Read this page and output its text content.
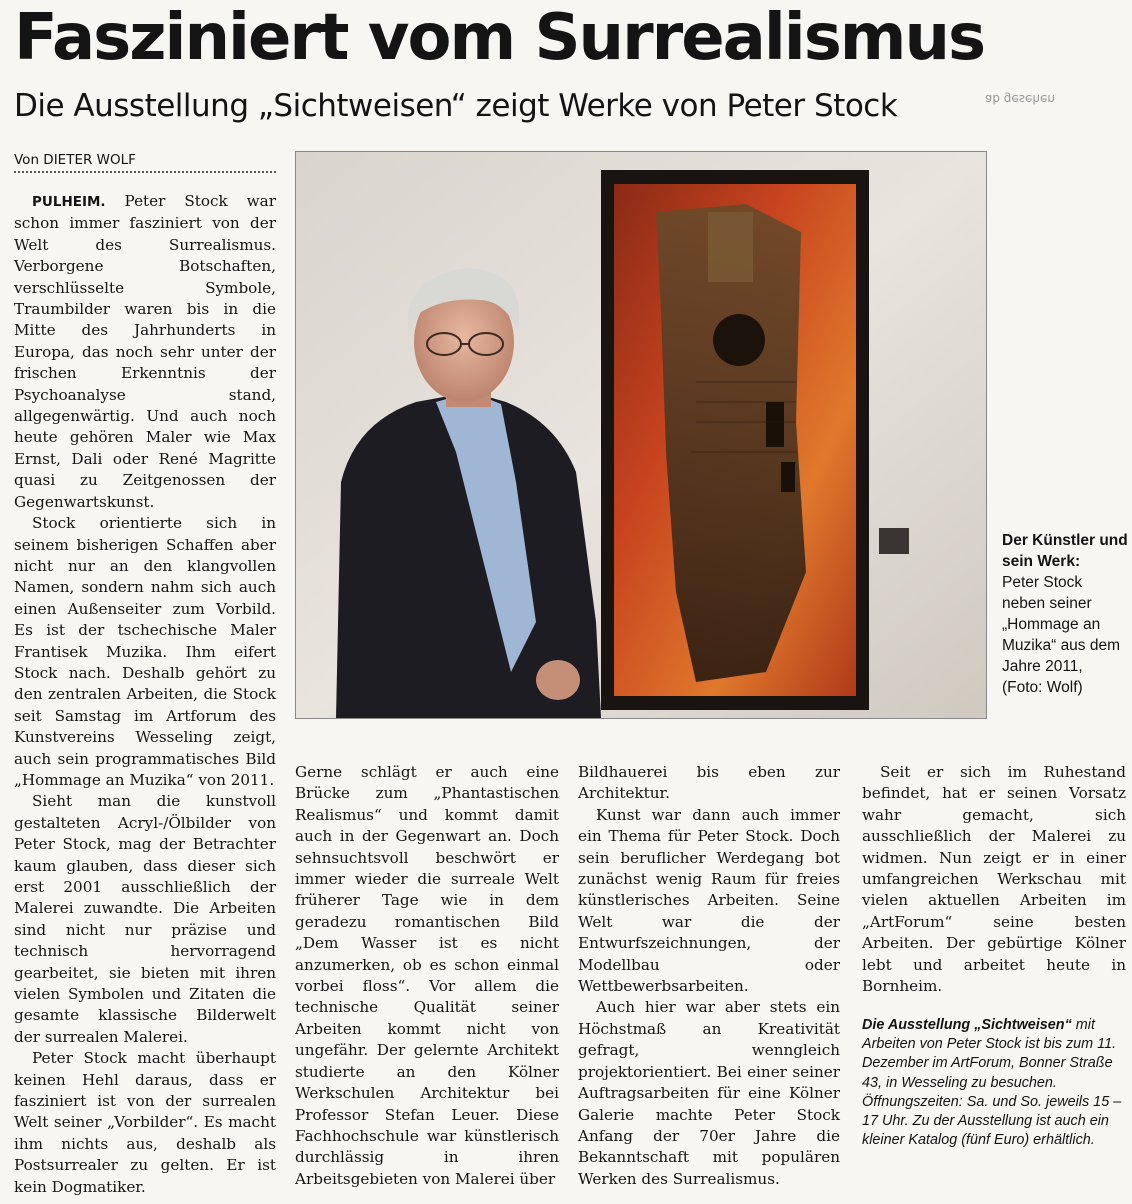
ab gesehen
Fasziniert vom Surrealismus
Die Ausstellung „Sichtweisen“ zeigt Werke von Peter Stock
Von DIETER WOLF

PULHEIM. Peter Stock war schon immer fasziniert von der Welt des Surrealismus. Verborgene Botschaften, verschlüsselte Symbole, Traumbilder waren bis in die Mitte des Jahrhunderts in Europa, das noch sehr unter der frischen Erkenntnis der Psychoanalyse stand, allgegenwärtig. Und auch noch heute gehören Maler wie Max Ernst, Dali oder René Magritte quasi zu Zeitgenossen der Gegenwartskunst.

Stock orientierte sich in seinem bisherigen Schaffen aber nicht nur an den klangvollen Namen, sondern nahm sich auch einen Außenseiter zum Vorbild. Es ist der tschechische Maler Frantisek Muzika. Ihm eifert Stock nach. Deshalb gehört zu den zentralen Arbeiten, die Stock seit Samstag im Artforum des Kunstvereins Wesseling zeigt, auch sein programmatisches Bild „Hommage an Muzika“ von 2011.

Sieht man die kunstvoll gestalteten Acryl-/Ölbilder von Peter Stock, mag der Betrachter kaum glauben, dass dieser sich erst 2001 ausschließlich der Malerei zuwandte. Die Arbeiten sind nicht nur präzise und technisch hervorragend gearbeitet, sie bieten mit ihren vielen Symbolen und Zitaten die gesamte klassische Bilderwelt der surrealen Malerei.

Peter Stock macht überhaupt keinen Hehl daraus, dass er fasziniert ist von der surrealen Welt seiner „Vorbilder“. Es macht ihm nichts aus, deshalb als Postsurrealer zu gelten. Er ist kein Dogmatiker.

Der Künstler und sein Werk:
Peter Stock neben seiner „Hommage an Muzika“ aus dem Jahre 2011,
(Foto: Wolf)

Gerne schlägt er auch eine Brücke zum „Phantastischen Realismus“ und kommt damit auch in der Gegenwart an. Doch sehnsuchtsvoll beschwört er immer wieder die surreale Welt früherer Tage wie in dem geradezu romantischen Bild „Dem Wasser ist es nicht anzumerken, ob es schon einmal vorbei floss“. Vor allem die technische Qualität seiner Arbeiten kommt nicht von ungefähr. Der gelernte Architekt studierte an den Kölner Werkschulen Architektur bei Professor Stefan Leuer. Diese Fachhochschule war künstlerisch durchlässig in ihren Arbeitsgebieten von Malerei über

Bildhauerei bis eben zur Architektur.

Kunst war dann auch immer ein Thema für Peter Stock. Doch sein beruflicher Werdegang bot zunächst wenig Raum für freies künstlerisches Arbeiten. Seine Welt war die der Entwurfszeichnungen, der Modellbau oder Wettbewerbsarbeiten.

Auch hier war aber stets ein Höchstmaß an Kreativität gefragt, wenngleich projektorientiert. Bei einer seiner Auftragsarbeiten für eine Kölner Galerie machte Peter Stock Anfang der 70er Jahre die Bekanntschaft mit populären Werken des Surrealismus.

Seit er sich im Ruhestand befindet, hat er seinen Vorsatz wahr gemacht, sich ausschließlich der Malerei zu widmen. Nun zeigt er in einer umfangreichen Werkschau mit vielen aktuellen Arbeiten im „ArtForum“ seine besten Arbeiten. Der gebürtige Kölner lebt und arbeitet heute in Bornheim.

Die Ausstellung „Sichtweisen“ mit Arbeiten von Peter Stock ist bis zum 11. Dezember im ArtForum, Bonner Straße 43, in Wesseling zu besuchen. Öffnungszeiten: Sa. und So. jeweils 15 – 17 Uhr. Zu der Ausstellung ist auch ein kleiner Katalog (fünf Euro) erhältlich.
